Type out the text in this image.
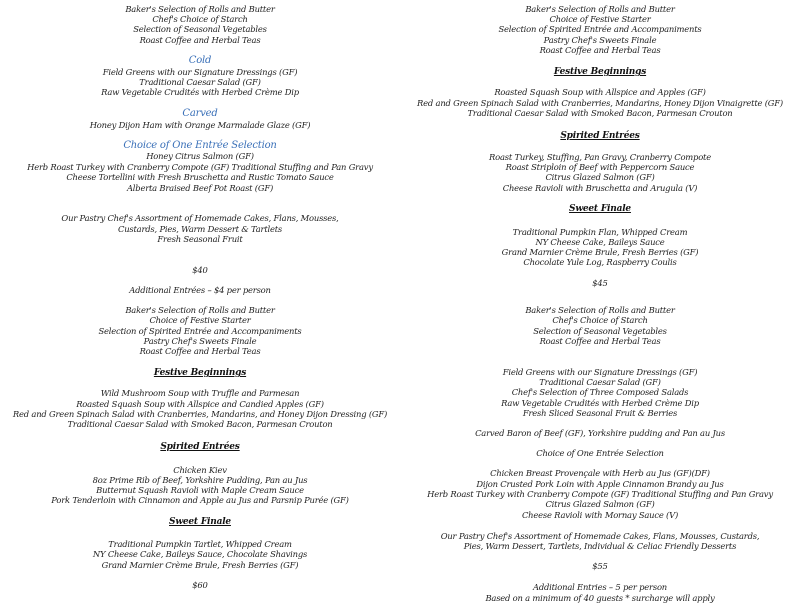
Baker's Selection of Rolls and Butter
Chef's Choice of Starch
Selection of Seasonal Vegetables
Roast Coffee and Herbal Teas
Cold
Field Greens with our Signature Dressings (GF)
Traditional Caesar Salad (GF)
Raw Vegetable Crudités with Herbed Crème Dip
Carved
Honey Dijon Ham with Orange Marmalade Glaze (GF)
Choice of One Entrée Selection
Honey Citrus Salmon (GF)
Herb Roast Turkey with Cranberry Compote (GF) Traditional Stuffing and Pan Gravy
Cheese Tortellini with Fresh Bruschetta and Rustic Tomato Sauce
Alberta Braised Beef Pot Roast (GF)
Our Pastry Chef's Assortment of Homemade Cakes, Flans, Mousses,
Custards, Pies, Warm Dessert & Tartlets
Fresh Seasonal Fruit
$40
Additional Entrées – $4 per person
Baker's Selection of Rolls and Butter
Choice of Festive Starter
Selection of Spirited Entrée and Accompaniments
Pastry Chef's Sweets Finale
Roast Coffee and Herbal Teas
Festive Beginnings
Wild Mushroom Soup with Truffle and Parmesan
Roasted Squash Soup with Allspice and Candied Apples (GF)
Red and Green Spinach Salad with Cranberries, Mandarins, and Honey Dijon Dressing (GF)
Traditional Caesar Salad with Smoked Bacon, Parmesan Crouton
Spirited Entrées
Chicken Kiev
8oz Prime Rib of Beef, Yorkshire Pudding, Pan au Jus
Butternut Squash Ravioli with Maple Cream Sauce
Pork Tenderloin with Cinnamon and Apple au Jus and Parsnip Purée (GF)
Sweet Finale
Traditional Pumpkin Tartlet, Whipped Cream
NY Cheese Cake, Baileys Sauce, Chocolate Shavings
Grand Marnier Crème Brule, Fresh Berries (GF)
$60
Baker's Selection of Rolls and Butter
Choice of Festive Starter
Selection of Spirited Entrée and Accompaniments
Pastry Chef's Sweets Finale
Roast Coffee and Herbal Teas
Festive Beginnings
Roasted Squash Soup with Allspice and Apples (GF)
Red and Green Spinach Salad with Cranberries, Mandarins, Honey Dijon Vinaigrette (GF)
Traditional Caesar Salad with Smoked Bacon, Parmesan Crouton
Spirited Entrées
Roast Turkey, Stuffing, Pan Gravy, Cranberry Compote
Roast Striploin of Beef with Peppercorn Sauce
Citrus Glazed Salmon (GF)
Cheese Ravioli with Bruschetta and Arugula (V)
Sweet Finale
Traditional Pumpkin Flan, Whipped Cream
NY Cheese Cake, Baileys Sauce
Grand Marnier Crème Brule, Fresh Berries (GF)
Chocolate Yule Log, Raspberry Coulis
$45
Baker's Selection of Rolls and Butter
Chef's Choice of Starch
Selection of Seasonal Vegetables
Roast Coffee and Herbal Teas
Field Greens with our Signature Dressings (GF)
Traditional Caesar Salad (GF)
Chef's Selection of Three Composed Salads
Raw Vegetable Crudités with Herbed Crème Dip
Fresh Sliced Seasonal Fruit & Berries
Carved Baron of Beef (GF), Yorkshire pudding and Pan au Jus
Choice of One Entrée Selection
Chicken Breast Provençale with Herb au Jus (GF)(DF)
Dijon Crusted Pork Loin with Apple Cinnamon Brandy au Jus
Herb Roast Turkey with Cranberry Compote (GF) Traditional Stuffing and Pan Gravy
Citrus Glazed Salmon (GF)
Cheese Ravioli with Mornay Sauce (V)
Our Pastry Chef's Assortment of Homemade Cakes, Flans, Mousses, Custards,
Pies, Warm Dessert, Tartlets, Individual & Celiac Friendly Desserts
$55
Additional Entries – 5 per person
Based on a minimum of 40 guests * surcharge will apply
